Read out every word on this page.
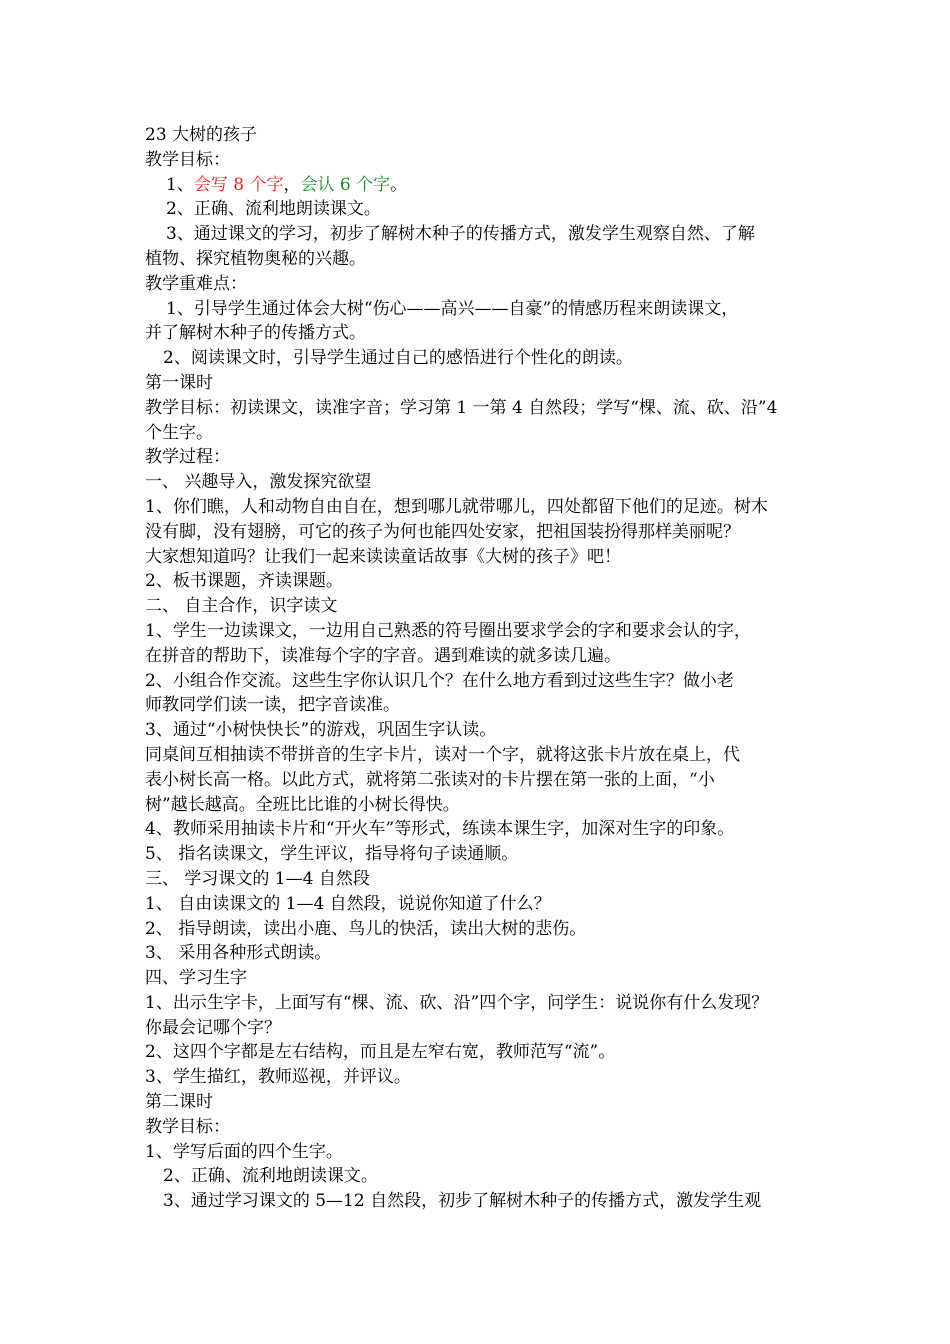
23 大树的孩子
教学目标：
1、会写 8 个字，会认 6 个字。
2、正确、流利地朗读课文。
3、通过课文的学习，初步了解树木种子的传播方式，激发学生观察自然、了解
植物、探究植物奥秘的兴趣。
教学重难点：
1、引导学生通过体会大树“伤心——高兴——自豪”的情感历程来朗读课文，
并了解树木种子的传播方式。
2、阅读课文时，引导学生通过自己的感悟进行个性化的朗读。
第一课时
教学目标：初读课文，读准字音；学习第 1 一第 4 自然段；学写“棵、流、砍、沿”4
个生字。
教学过程：
一、 兴趣导入，激发探究欲望
1、你们瞧，人和动物自由自在，想到哪儿就带哪儿，四处都留下他们的足迹。树木
没有脚，没有翅膀，可它的孩子为何也能四处安家，把祖国装扮得那样美丽呢？
大家想知道吗？让我们一起来读读童话故事《大树的孩子》吧！
2、板书课题，齐读课题。
二、 自主合作，识字读文
1、学生一边读课文，一边用自己熟悉的符号圈出要求学会的字和要求会认的字，
在拼音的帮助下，读准每个字的字音。遇到难读的就多读几遍。
2、小组合作交流。这些生字你认识几个？在什么地方看到过这些生字？做小老
师教同学们读一读，把字音读准。
3、通过“小树快快长”的游戏，巩固生字认读。
同桌间互相抽读不带拼音的生字卡片，读对一个字，就将这张卡片放在桌上，代
表小树长高一格。以此方式，就将第二张读对的卡片摆在第一张的上面，“小
树”越长越高。全班比比谁的小树长得快。
4、教师采用抽读卡片和“开火车”等形式，练读本课生字，加深对生字的印象。
5、 指名读课文，学生评议，指导将句子读通顺。
三、 学习课文的 1—4 自然段
1、 自由读课文的 1—4 自然段，说说你知道了什么？
2、 指导朗读，读出小鹿、鸟儿的快活，读出大树的悲伤。
3、 采用各种形式朗读。
四、学习生字
1、出示生字卡，上面写有“棵、流、砍、沿”四个字，问学生：说说你有什么发现？
你最会记哪个字？
2、这四个字都是左右结构，而且是左窄右宽，教师范写“流”。
3、学生描红，教师巡视，并评议。
第二课时
教学目标：
1、学写后面的四个生字。
2、正确、流利地朗读课文。
3、通过学习课文的 5—12 自然段，初步了解树木种子的传播方式，激发学生观
